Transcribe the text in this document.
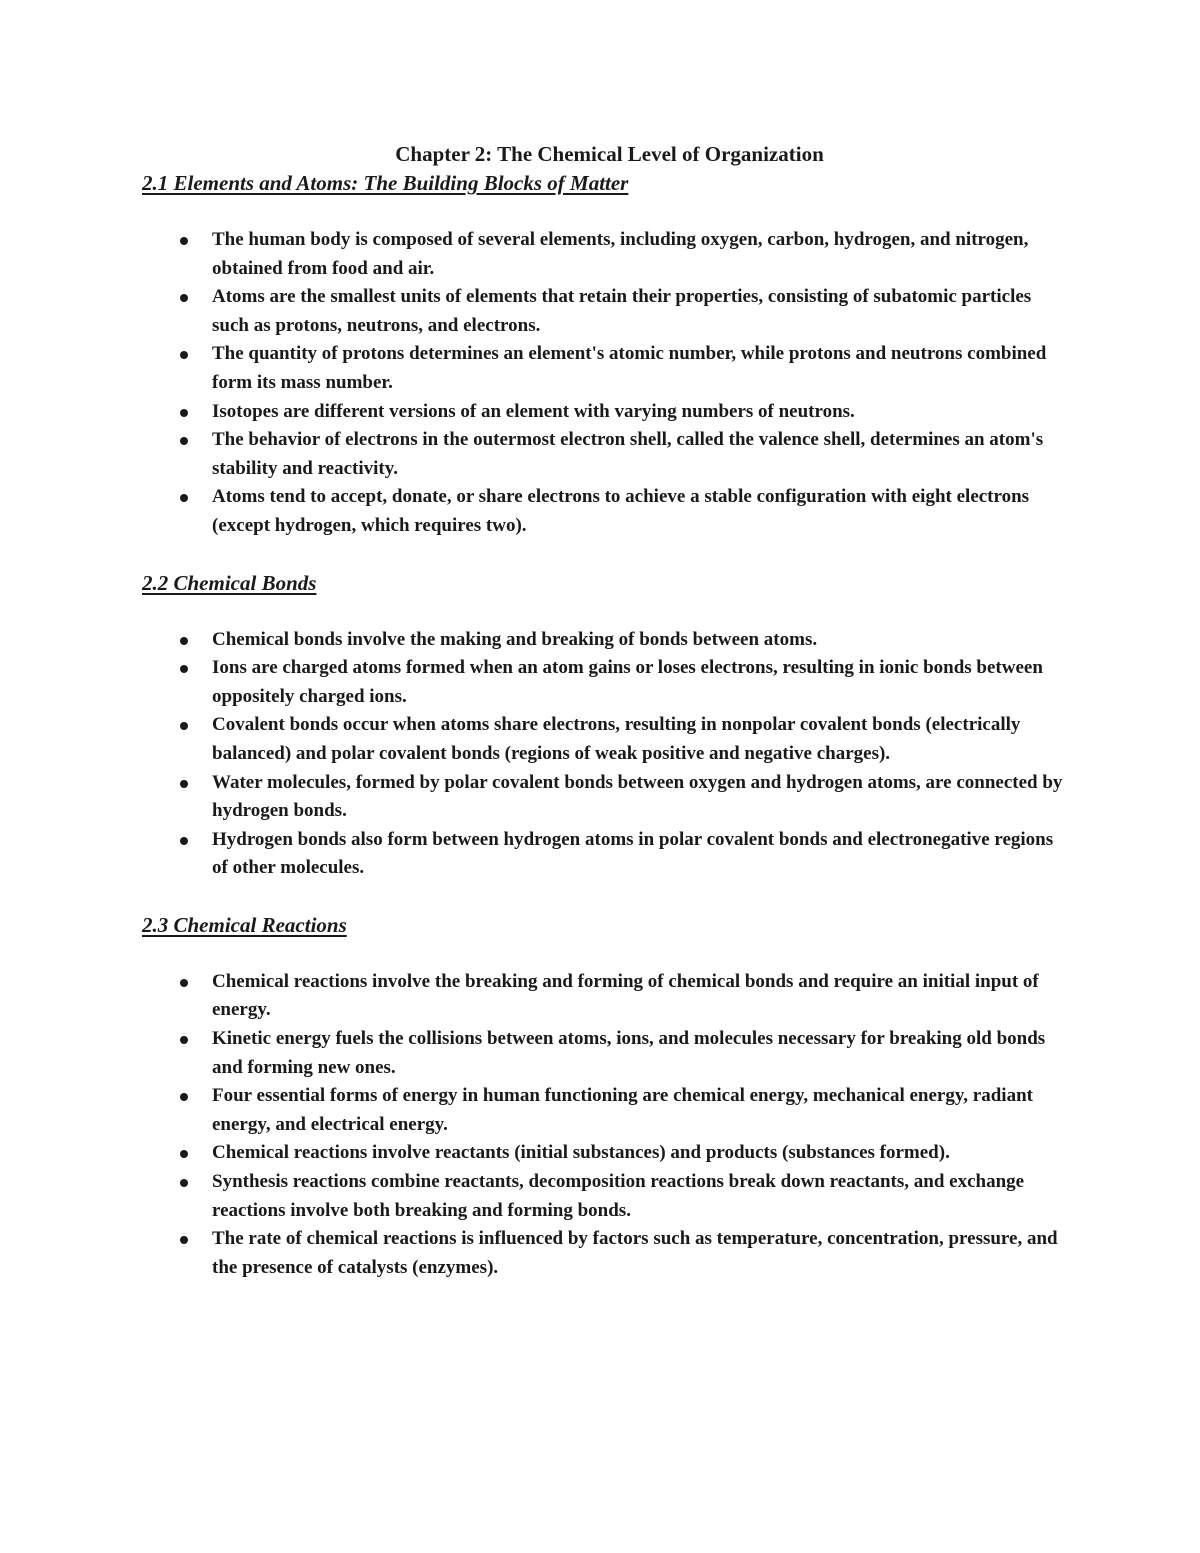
Chapter 2: The Chemical Level of Organization
2.1 Elements and Atoms: The Building Blocks of Matter
The human body is composed of several elements, including oxygen, carbon, hydrogen, and nitrogen, obtained from food and air.
Atoms are the smallest units of elements that retain their properties, consisting of subatomic particles such as protons, neutrons, and electrons.
The quantity of protons determines an element's atomic number, while protons and neutrons combined form its mass number.
Isotopes are different versions of an element with varying numbers of neutrons.
The behavior of electrons in the outermost electron shell, called the valence shell, determines an atom's stability and reactivity.
Atoms tend to accept, donate, or share electrons to achieve a stable configuration with eight electrons (except hydrogen, which requires two).
2.2 Chemical Bonds
Chemical bonds involve the making and breaking of bonds between atoms.
Ions are charged atoms formed when an atom gains or loses electrons, resulting in ionic bonds between oppositely charged ions.
Covalent bonds occur when atoms share electrons, resulting in nonpolar covalent bonds (electrically balanced) and polar covalent bonds (regions of weak positive and negative charges).
Water molecules, formed by polar covalent bonds between oxygen and hydrogen atoms, are connected by hydrogen bonds.
Hydrogen bonds also form between hydrogen atoms in polar covalent bonds and electronegative regions of other molecules.
2.3 Chemical Reactions
Chemical reactions involve the breaking and forming of chemical bonds and require an initial input of energy.
Kinetic energy fuels the collisions between atoms, ions, and molecules necessary for breaking old bonds and forming new ones.
Four essential forms of energy in human functioning are chemical energy, mechanical energy, radiant energy, and electrical energy.
Chemical reactions involve reactants (initial substances) and products (substances formed).
Synthesis reactions combine reactants, decomposition reactions break down reactants, and exchange reactions involve both breaking and forming bonds.
The rate of chemical reactions is influenced by factors such as temperature, concentration, pressure, and the presence of catalysts (enzymes).
